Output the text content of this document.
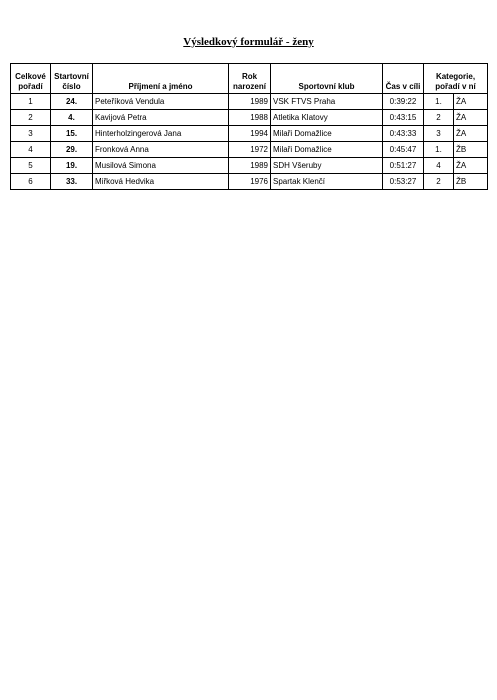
Výsledkový formulář - ženy
Celkové pořadí	Startovní číslo	Příjmení a jméno	Rok narození	Sportovní klub	Čas v cíli	Kategorie, pořadí v ní	
1	24.	Peteříková Vendula	1989	VSK FTVS Praha	0:39:22	1.	ŽA
2	4.	Kavijová Petra	1988	Atletika Klatovy	0:43:15	2	ŽA
3	15.	Hinterholzingerová Jana	1994	Milaři Domažlice	0:43:33	3	ŽA
4	29.	Fronková Anna	1972	Milaři Domažlice	0:45:47	1.	ŽB
5	19.	Musilová Simona	1989	SDH Všeruby	0:51:27	4	ŽA
6	33.	Miřková Hedvika	1976	Spartak Klenčí	0:53:27	2	ŽB
